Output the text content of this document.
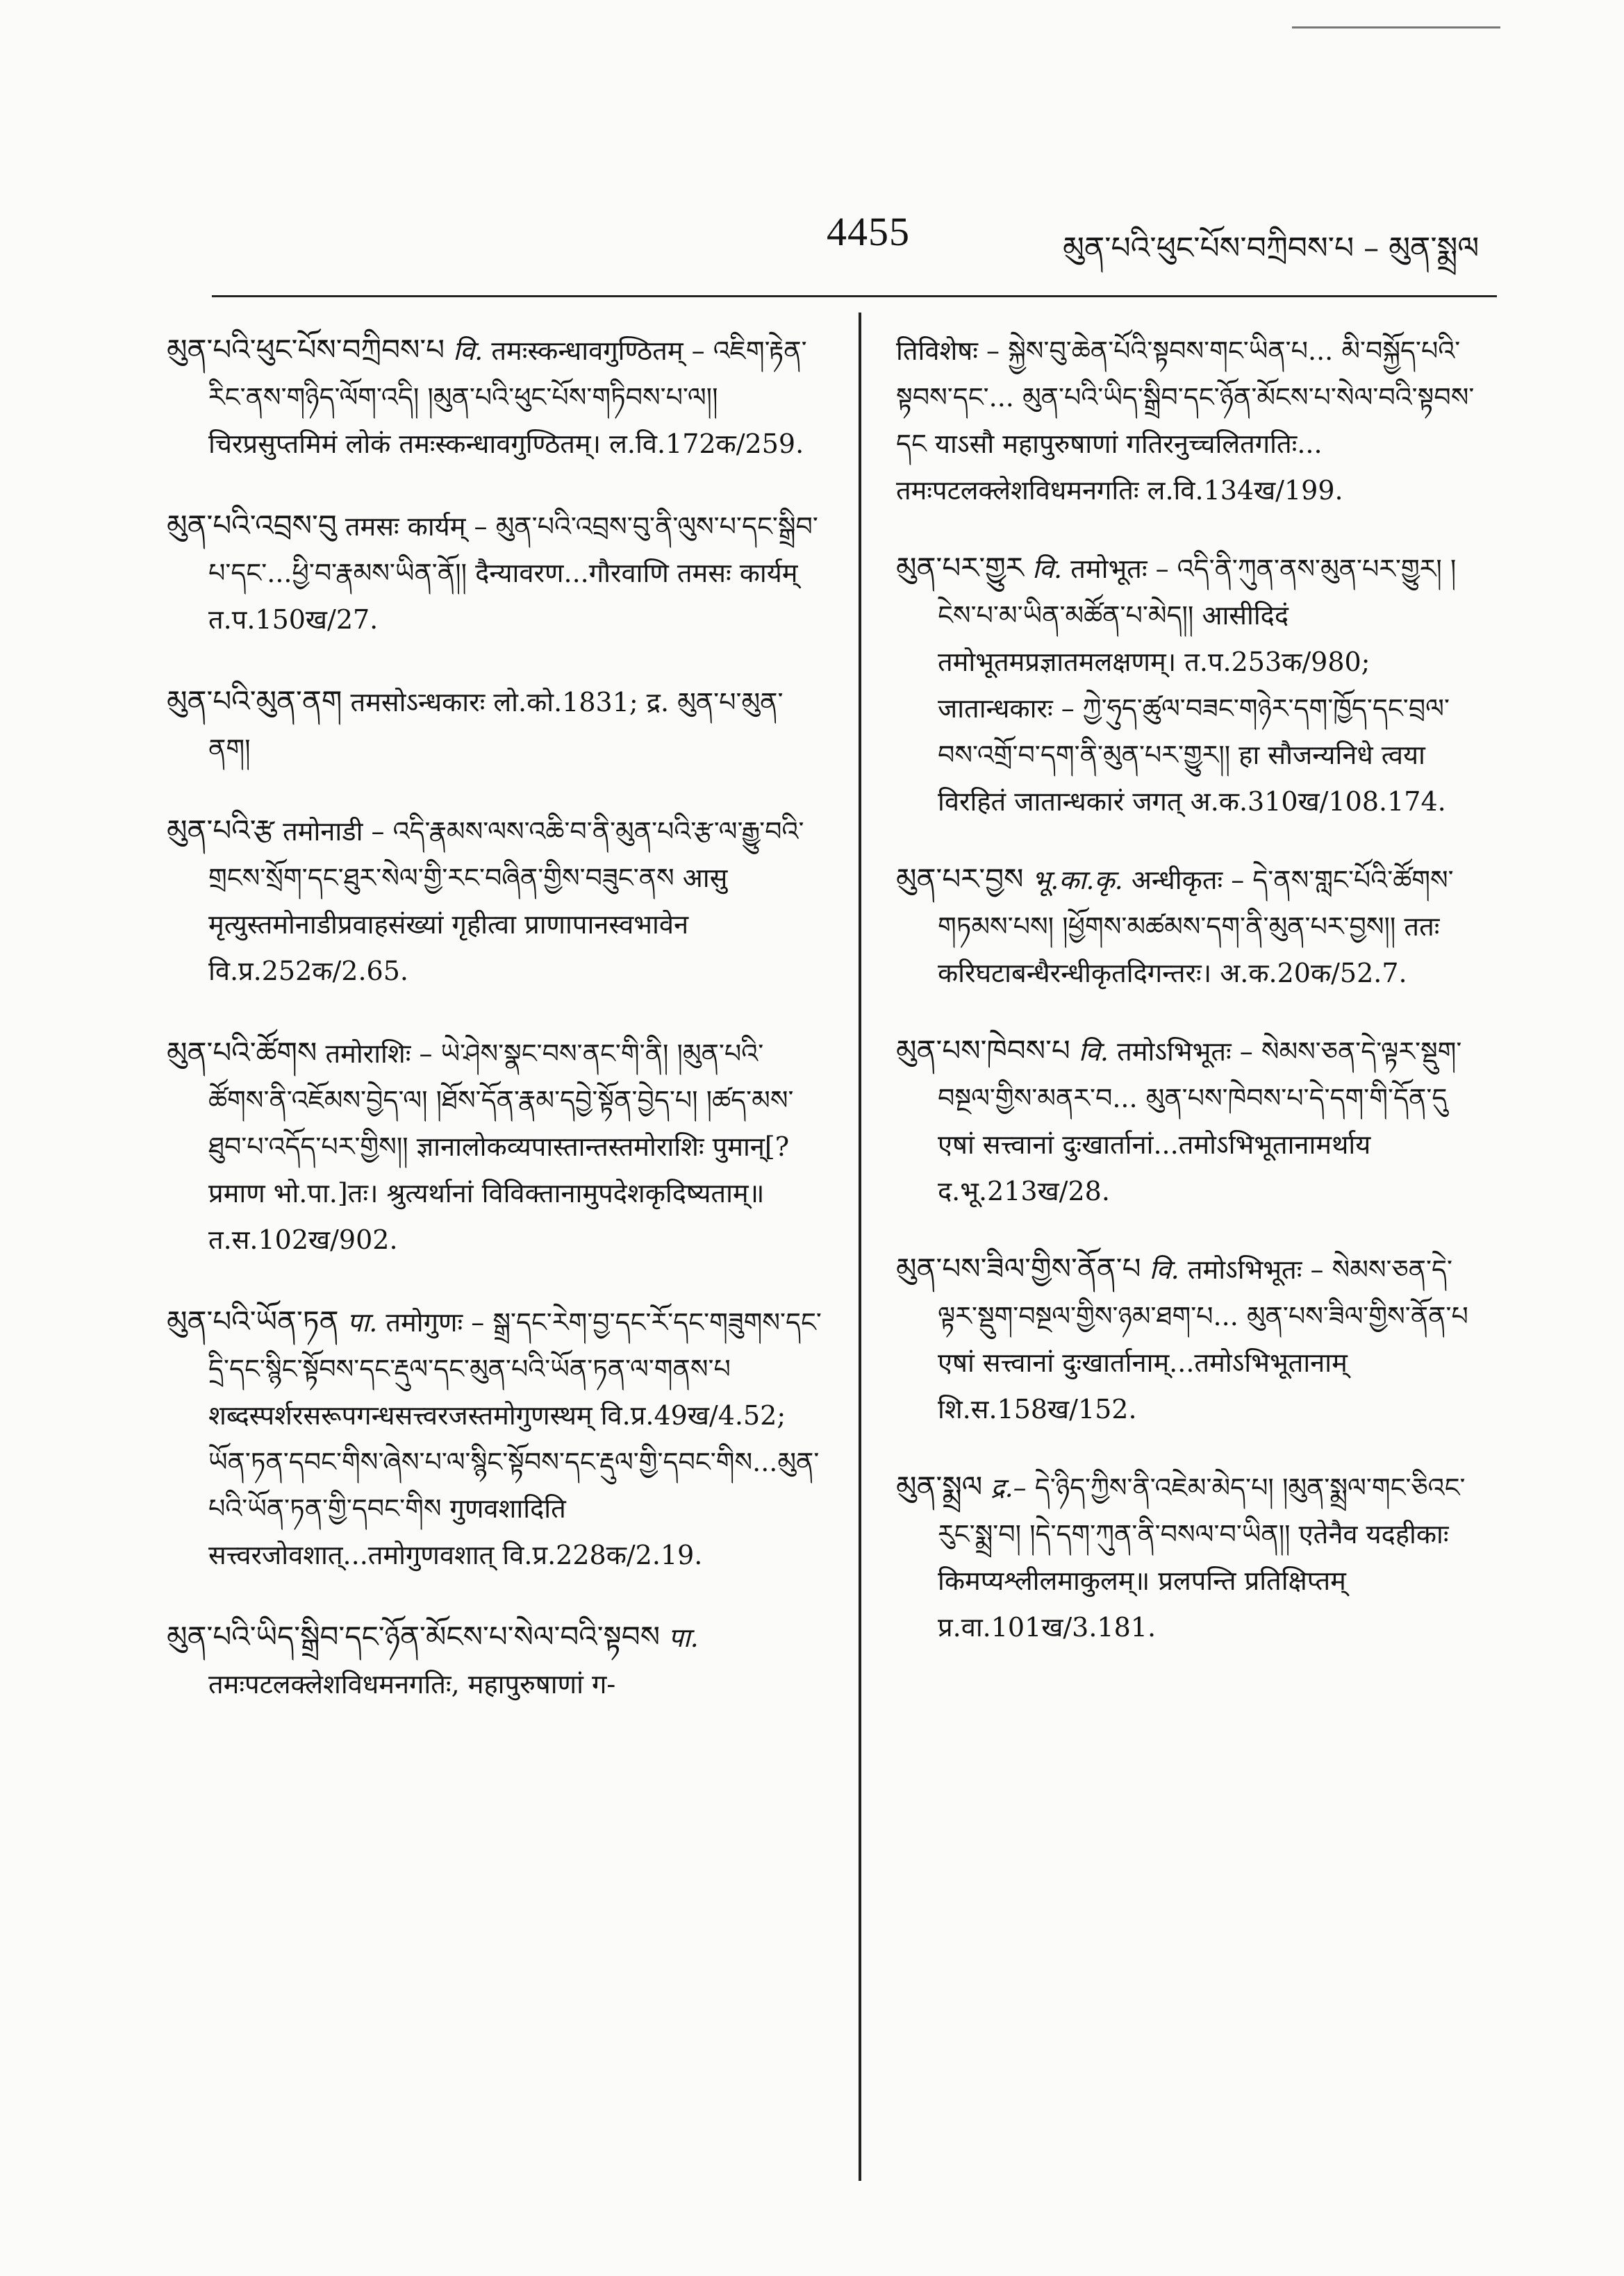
4455	མུན་པའི་ཕུང་པོས་བཀྲིབས་པ – མུན་སྨྲལ

མུན་པའི་ཕུང་པོས་བཀྲིབས་པ वि. तमःस्कन्धावगुण्ठितम् – འཇིག་རྟེན་རིང་ནས་གཉིད་ལོག་འདི། །མུན་པའི་ཕུང་པོས་གཏིབས་པ་ལ།། चिरप्रसुप्तमिमं लोकं तमःस्कन्धावगुण्ठितम्। ल.वि.172क/259.

མུན་པའི་འབྲས་བུ तमसः कार्यम् – མུན་པའི་འབྲས་བུ་ནི་ལུས་པ་དང་སྒྲིབ་པ་དང་...ཕྱི་བ་རྣམས་ཡིན་ནོ།། दैन्यावरण...गौरवाणि तमसः कार्यम् त.प.150ख/27.

མུན་པའི་མུན་ནག तमसोऽन्धकारः लो.को.1831; द्र. མུན་པ་མུན་ནག།

མུན་པའི་རྩ तमोनाडी – འདི་རྣམས་ལས་འཆི་བ་ནི་མུན་པའི་རྩ་ལ་རྒྱུ་བའི་གྲངས་སྲོག་དང་ཐུར་སེལ་གྱི་རང་བཞིན་གྱིས་བཟུང་ནས आसु मृत्युस्तमोनाडीप्रवाहसंख्यां गृहीत्वा प्राणापानस्वभावेन वि.प्र.252क/2.65.

མུན་པའི་ཚོགས तमोराशिः – ཡེ་ཤེས་སྣང་བས་ནང་གི་ནི། །མུན་པའི་ཚོགས་ནི་འཇོམས་བྱེད་ལ། །ཐོས་དོན་རྣམ་དབྱེ་སྟོན་བྱེད་པ། །ཚད་མས་ཐུབ་པ་འདོད་པར་གྱིས།། ज्ञानालोकव्यपास्तान्तस्तमोराशिः पुमान्[?प्रमाण भो.पा.]तः। श्रुत्यर्थानां विविक्तानामुपदेशकृदिष्यताम्॥ त.स.102ख/902.

མུན་པའི་ཡོན་ཏན पा. तमोगुणः – སྒྲ་དང་རེག་བྱ་དང་རོ་དང་གཟུགས་དང་དྲི་དང་སྙིང་སྟོབས་དང་རྡུལ་དང་མུན་པའི་ཡོན་ཏན་ལ་གནས་པ शब्दस्पर्शरसरूपगन्धसत्त्वरजस्तमोगुणस्थम् वि.प्र.49ख/4.52; ཡོན་ཏན་དབང་གིས་ཞེས་པ་ལ་སྙིང་སྟོབས་དང་རྡུལ་གྱི་དབང་གིས...མུན་པའི་ཡོན་ཏན་གྱི་དབང་གིས गुणवशादिति सत्त्वरजोवशात्...तमोगुणवशात् वि.प्र.228क/2.19.

མུན་པའི་ཡིད་སྒྲིབ་དང་ཉོན་མོངས་པ་སེལ་བའི་སྟབས पा. तमःपटलक्लेशविधमनगतिः, महापुरुषाणां ग-

तिविशेषः – སྐྱེས་བུ་ཆེན་པོའི་སྟབས་གང་ཡིན་པ... མི་བསྐྱོད་པའི་སྟབས་དང་... མུན་པའི་ཡིད་སྒྲིབ་དང་ཉོན་མོངས་པ་སེལ་བའི་སྟབས་དང याऽसौ महापुरुषाणां गतिरनुच्चलितगतिः... तमःपटलक्लेशविधमनगतिः ल.वि.134ख/199.

མུན་པར་གྱུར वि. तमोभूतः – འདི་ནི་ཀུན་ནས་མུན་པར་གྱུར། །ངེས་པ་མ་ཡིན་མཚོན་པ་མེད།། आसीदिदं तमोभूतमप्रज्ञातमलक्षणम्। त.प.253क/980; जातान्धकारः – ཀྱེ་ཧུད་ཚུལ་བཟང་གཉེར་དག་ཁྱོད་དང་བྲལ་བས་འགྲོ་བ་དག་ནི་མུན་པར་གྱུར།། हा सौजन्यनिधे त्वया विरहितं जातान्धकारं जगत् अ.क.310ख/108.174.

མུན་པར་བྱས भू.का.कृ. अन्धीकृतः – དེ་ནས་གླང་པོའི་ཚོགས་གཏམས་པས། །ཕྱོགས་མཚམས་དག་ནི་མུན་པར་བྱས།། ततः करिघटाबन्धैरन्धीकृतदिगन्तरः। अ.क.20क/52.7.

མུན་པས་ཁེབས་པ वि. तमोऽभिभूतः – སེམས་ཅན་དེ་ལྟར་སྡུག་བསྔལ་གྱིས་མནར་བ... མུན་པས་ཁེབས་པ་དེ་དག་གི་དོན་དུ एषां सत्त्वानां दुःखार्तानां...तमोऽभिभूतानामर्थाय द.भू.213ख/28.

མུན་པས་ཟིལ་གྱིས་ནོན་པ वि. तमोऽभिभूतः – སེམས་ཅན་དེ་ལྟར་སྡུག་བསྔལ་གྱིས་ཉམ་ཐག་པ... མུན་པས་ཟིལ་གྱིས་ནོན་པ एषां सत्त्वानां दुःखार्तानाम्...तमोऽभिभूतानाम् शि.स.158ख/152.

མུན་སྨྲལ द्र.– དེ་ཉིད་ཀྱིས་ནི་འཇེམ་མེད་པ། །མུན་སྨྲལ་གང་ཅིའང་རུང་སྨྲ་བ། །དེ་དག་ཀུན་ནི་བསལ་བ་ཡིན།། एतेनैव यदहीकाः किमप्यश्लीलमाकुलम्॥ प्रलपन्ति प्रतिक्षिप्तम् प्र.वा.101ख/3.181.
